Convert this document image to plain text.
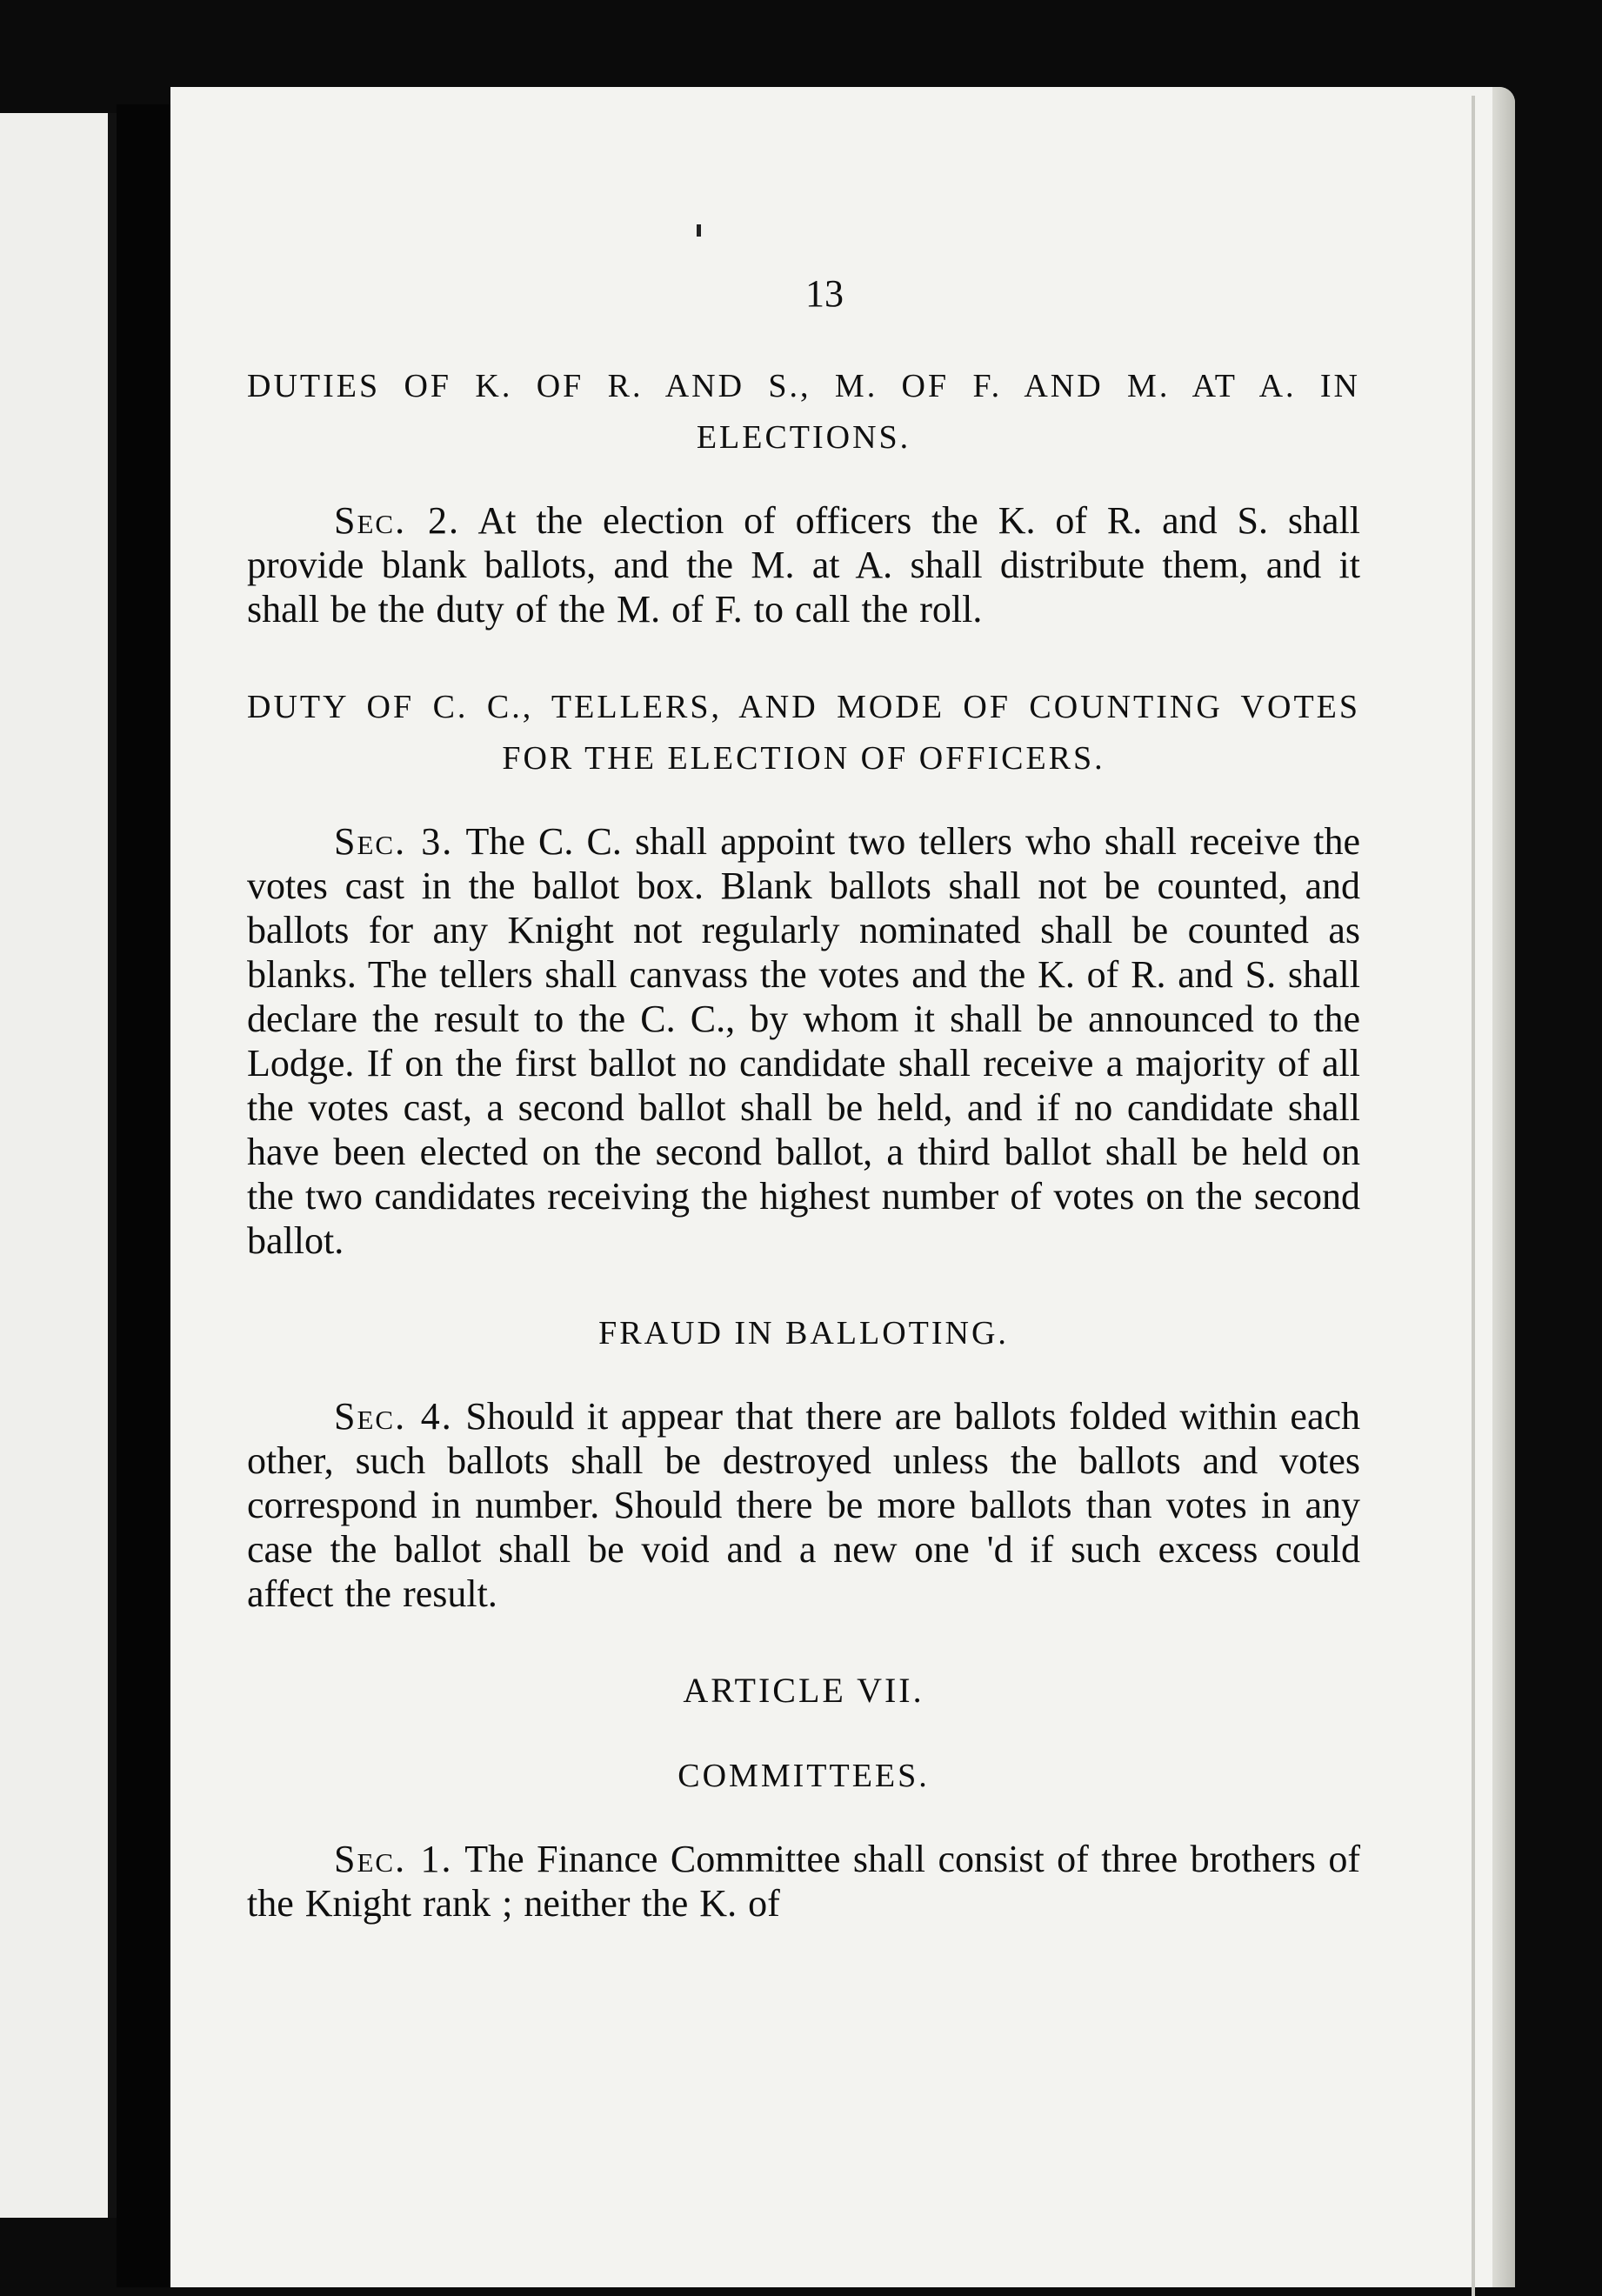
13
DUTIES OF K. OF R. AND S., M. OF F. AND M. AT A. IN ELECTIONS.

Sec. 2. At the election of officers the K. of R. and S. shall provide blank ballots, and the M. at A. shall distribute them, and it shall be the duty of the M. of F. to call the roll.

DUTY OF C. C., TELLERS, AND MODE OF COUNTING VOTES FOR THE ELECTION OF OFFICERS.

Sec. 3. The C. C. shall appoint two tellers who shall receive the votes cast in the ballot box. Blank ballots shall not be counted, and ballots for any Knight not regularly nominated shall be counted as blanks. The tellers shall canvass the votes and the K. of R. and S. shall declare the result to the C. C., by whom it shall be announced to the Lodge. If on the first ballot no candidate shall receive a majority of all the votes cast, a second ballot shall be held, and if no candidate shall have been elected on the second ballot, a third ballot shall be held on the two candidates receiving the highest number of votes on the second ballot.

FRAUD IN BALLOTING.

Sec. 4. Should it appear that there are ballots folded within each other, such ballots shall be destroyed unless the ballots and votes correspond in number. Should there be more ballots than votes in any case the ballot shall be void and a new one 'd if such excess could affect the result.

ARTICLE VII.
COMMITTEES.

Sec. 1. The Finance Committee shall consist of three brothers of the Knight rank ; neither the K. of
